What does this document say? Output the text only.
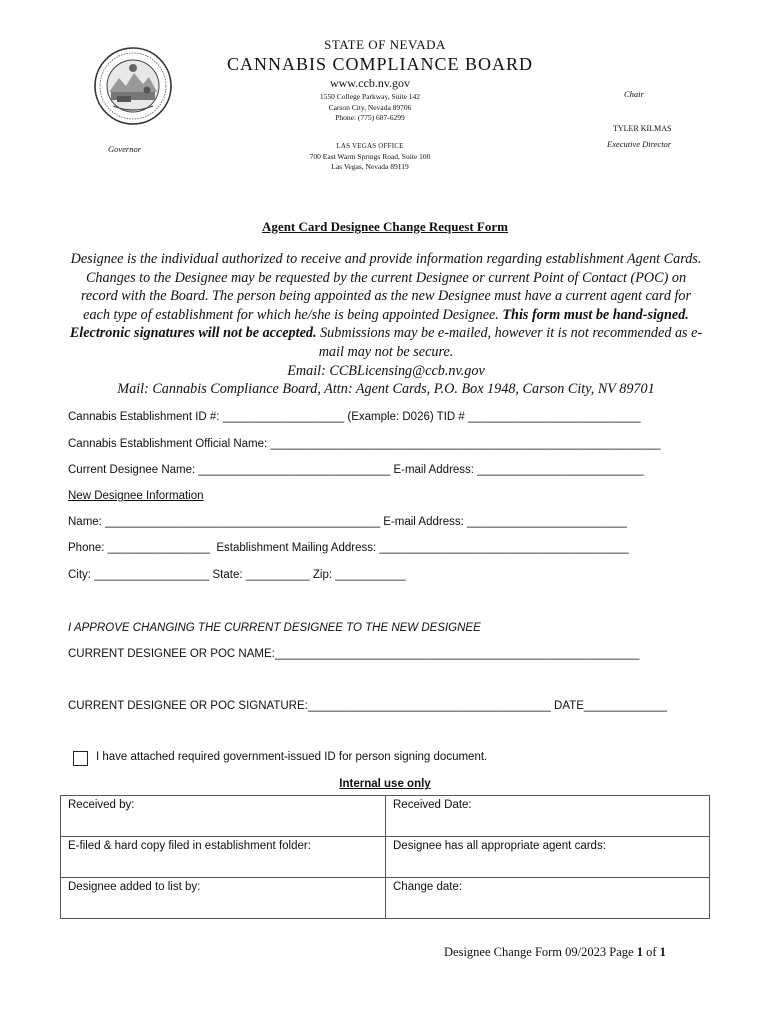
STATE OF NEVADA
CANNABIS COMPLIANCE BOARD
www.ccb.nv.gov
1550 College Parkway, Suite 142
Carson City, Nevada 89706
Phone: (775) 687-6299
LAS VEGAS OFFICE
700 East Warm Springs Road, Suite 100
Las Vegas, Nevada 89119
Chair
TYLER KILMAS
Executive Director
Governor
Agent Card Designee Change Request Form
Designee is the individual authorized to receive and provide information regarding establishment Agent Cards. Changes to the Designee may be requested by the current Designee or current Point of Contact (POC) on record with the Board. The person being appointed as the new Designee must have a current agent card for each type of establishment for which he/she is being appointed Designee. This form must be hand-signed. Electronic signatures will not be accepted. Submissions may be e-mailed, however it is not recommended as e-mail may not be secure.
Email: CCBLicensing@ccb.nv.gov
Mail: Cannabis Compliance Board, Attn: Agent Cards, P.O. Box 1948, Carson City, NV 89701
Cannabis Establishment ID #: ___________________ (Example: D026) TID # ___________________________
Cannabis Establishment Official Name: _____________________________________________________________
Current Designee Name: ______________________________ E-mail Address: __________________________
New Designee Information
Name: ___________________________________________ E-mail Address: _________________________
Phone: ________________  Establishment Mailing Address: _______________________________________
City: __________________ State: __________ Zip: ___________
I APPROVE CHANGING THE CURRENT DESIGNEE TO THE NEW DESIGNEE
CURRENT DESIGNEE OR POC NAME:_________________________________________________________
CURRENT DESIGNEE OR POC SIGNATURE:______________________________________ DATE_____________
I have attached required government-issued ID for person signing document.
Internal use only
Received by:	Received Date:
E-filed & hard copy filed in establishment folder:	Designee has all appropriate agent cards:
Designee added to list by:	Change date:
Designee Change Form 09/2023 Page 1 of 1
